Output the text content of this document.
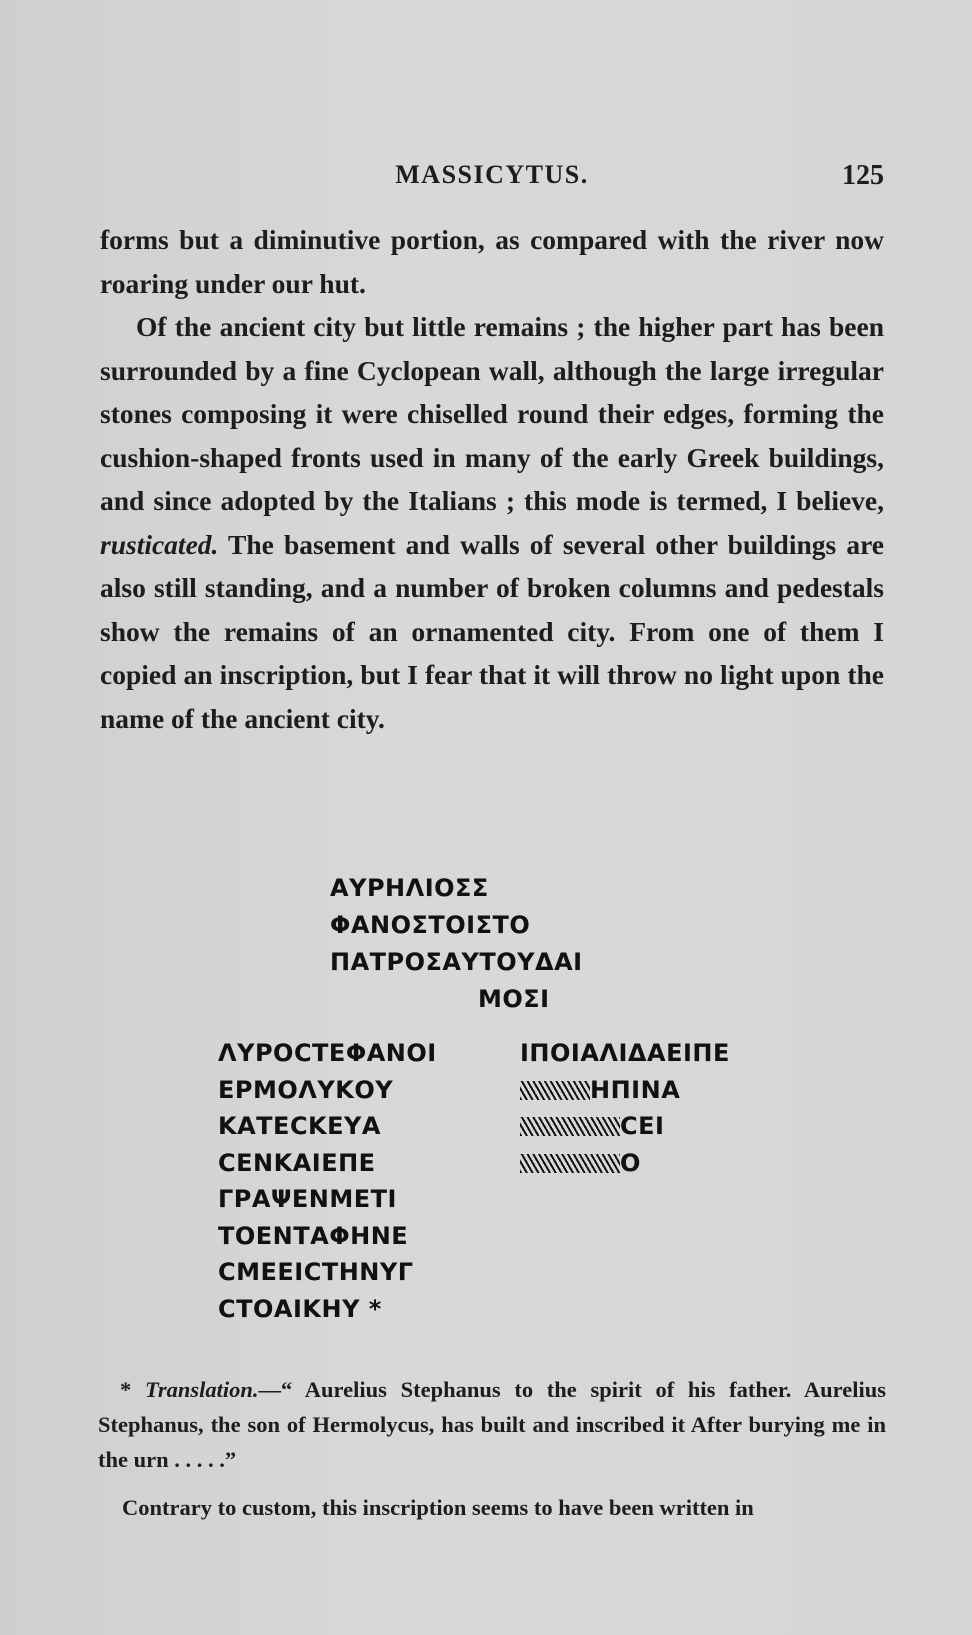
MASSICYTUS.	125

forms but a diminutive portion, as compared with the river now roaring under our hut.

Of the ancient city but little remains ; the higher part has been surrounded by a fine Cyclopean wall, although the large irregular stones composing it were chiselled round their edges, forming the cushion-shaped fronts used in many of the early Greek buildings, and since adopted by the Italians ; this mode is termed, I believe, rusticated. The basement and walls of several other buildings are also still standing, and a number of broken columns and pedestals show the remains of an ornamented city. From one of them I copied an inscription, but I fear that it will throw no light upon the name of the ancient city.

ΑΥΡΗΛΙΟΣΣ
ΦΑΝΟΣΤΟΙΣΤΟ
ΠΑΤΡΟΣΑΥΤΟΥΔΑΙ
ΜΟΣΙ
ΛΥΡΟϹΤΕΦΑΝΟΙ
ΕΡΜΟΛΥΚΟΥ
ΚΑΤΕϹΚΕΥΑ
ϹΕΝΚΑΙΕΠΕ
ΓΡΑΨΕΝΜΕΤΙ
ΤΟΕΝΤΑΦΗΝΕ
ϹΜΕΕΙϹΤΗΝΥΓ
ϹΤΟΑΙΚΗΥ *
ΙΠΟΙΑΛΙΔΑΕΙΠΕ
ΗΠΙΝΑ
ϹΕΙ
Ο

* Translation.—“ Aurelius Stephanus to the spirit of his father. Aurelius Stephanus, the son of Hermolycus, has built and inscribed it After burying me in the urn . . . . .”

Contrary to custom, this inscription seems to have been written in
